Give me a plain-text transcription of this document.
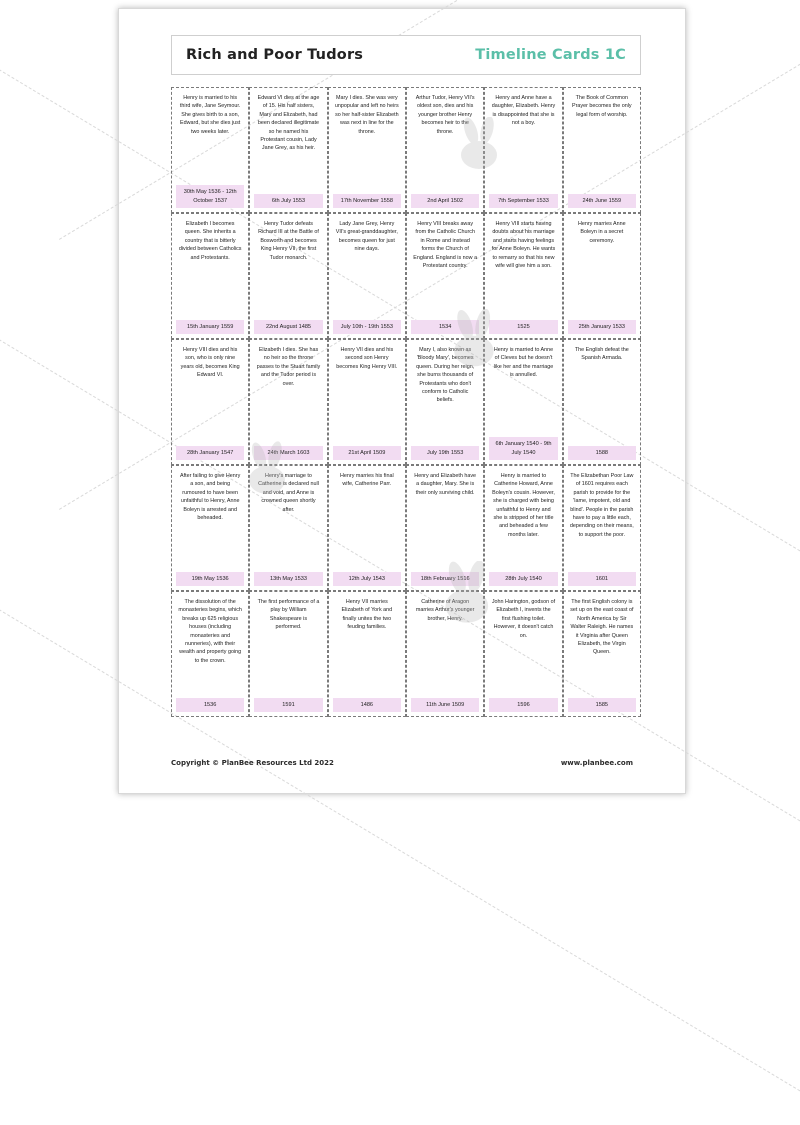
Rich and Poor Tudors	Timeline Cards 1C
Henry is married to his third wife, Jane Seymour. She gives birth to a son, Edward, but she dies just two weeks later.
30th May 1536 - 12th October 1537
Edward VI dies at the age of 15. His half sisters, Mary and Elizabeth, had been declared illegitimate so he named his Protestant cousin, Lady Jane Grey, as his heir.
6th July 1553
Mary I dies. She was very unpopular and left no heirs so her half-sister Elizabeth was next in line for the throne.
17th November 1558
Arthur Tudor, Henry VII's oldest son, dies and his younger brother Henry becomes heir to the throne.
2nd April 1502
Henry and Anne have a daughter, Elizabeth. Henry is disappointed that she is not a boy.
7th September 1533
The Book of Common Prayer becomes the only legal form of worship.
24th June 1559
Elizabeth I becomes queen. She inherits a country that is bitterly divided between Catholics and Protestants.
15th January 1559
Henry Tudor defeats Richard III at the Battle of Bosworth and becomes King Henry VII, the first Tudor monarch.
22nd August 1485
Lady Jane Grey, Henry VII's great-granddaughter, becomes queen for just nine days.
July 10th - 19th 1553
Henry VIII breaks away from the Catholic Church in Rome and instead forms the Church of England. England is now a Protestant country.
1534
Henry VIII starts having doubts about his marriage and starts having feelings for Anne Boleyn. He wants to remarry so that his new wife will give him a son.
1525
Henry marries Anne Boleyn in a secret ceremony.
25th January 1533
Henry VIII dies and his son, who is only nine years old, becomes King Edward VI.
28th January 1547
Elizabeth I dies. She has no heir so the throne passes to the Stuart family and the Tudor period is over.
24th March 1603
Henry VII dies and his second son Henry becomes King Henry VIII.
21st April 1509
Mary I, also known as 'Bloody Mary', becomes queen. During her reign, she burns thousands of Protestants who don't conform to Catholic beliefs.
July 19th 1553
Henry is married to Anne of Cleves but he doesn't like her and the marriage is annulled.
6th January 1540 - 9th July 1540
The English defeat the Spanish Armada.
1588
After failing to give Henry a son, and being rumoured to have been unfaithful to Henry, Anne Boleyn is arrested and beheaded.
19th May 1536
Henry's marriage to Catherine is declared null and void, and Anne is crowned queen shortly after.
13th May 1533
Henry marries his final wife, Catherine Parr.
12th July 1543
Henry and Elizabeth have a daughter, Mary. She is their only surviving child.
18th February 1516
Henry is married to Catherine Howard, Anne Boleyn's cousin. However, she is charged with being unfaithful to Henry and she is stripped of her title and beheaded a few months later.
28th July 1540
The Elizabethan Poor Law of 1601 requires each parish to provide for the 'lame, impotent, old and blind'. People in the parish have to pay a little each, depending on their means, to support the poor.
1601
The dissolution of the monasteries begins, which breaks up 625 religious houses (including monasteries and nunneries), with their wealth and property going to the crown.
1536
The first performance of a play by William Shakespeare is performed.
1591
Henry VII marries Elizabeth of York and finally unites the two feuding families.
1486
Catherine of Aragon marries Arthur's younger brother, Henry.
11th June 1509
John Harington, godson of Elizabeth I, invents the first flushing toilet. However, it doesn't catch on.
1596
The first English colony is set up on the east coast of North America by Sir Walter Raleigh. He names it Virginia after Queen Elizabeth, the Virgin Queen.
1585
Copyright © PlanBee Resources Ltd 2022	www.planbee.com
